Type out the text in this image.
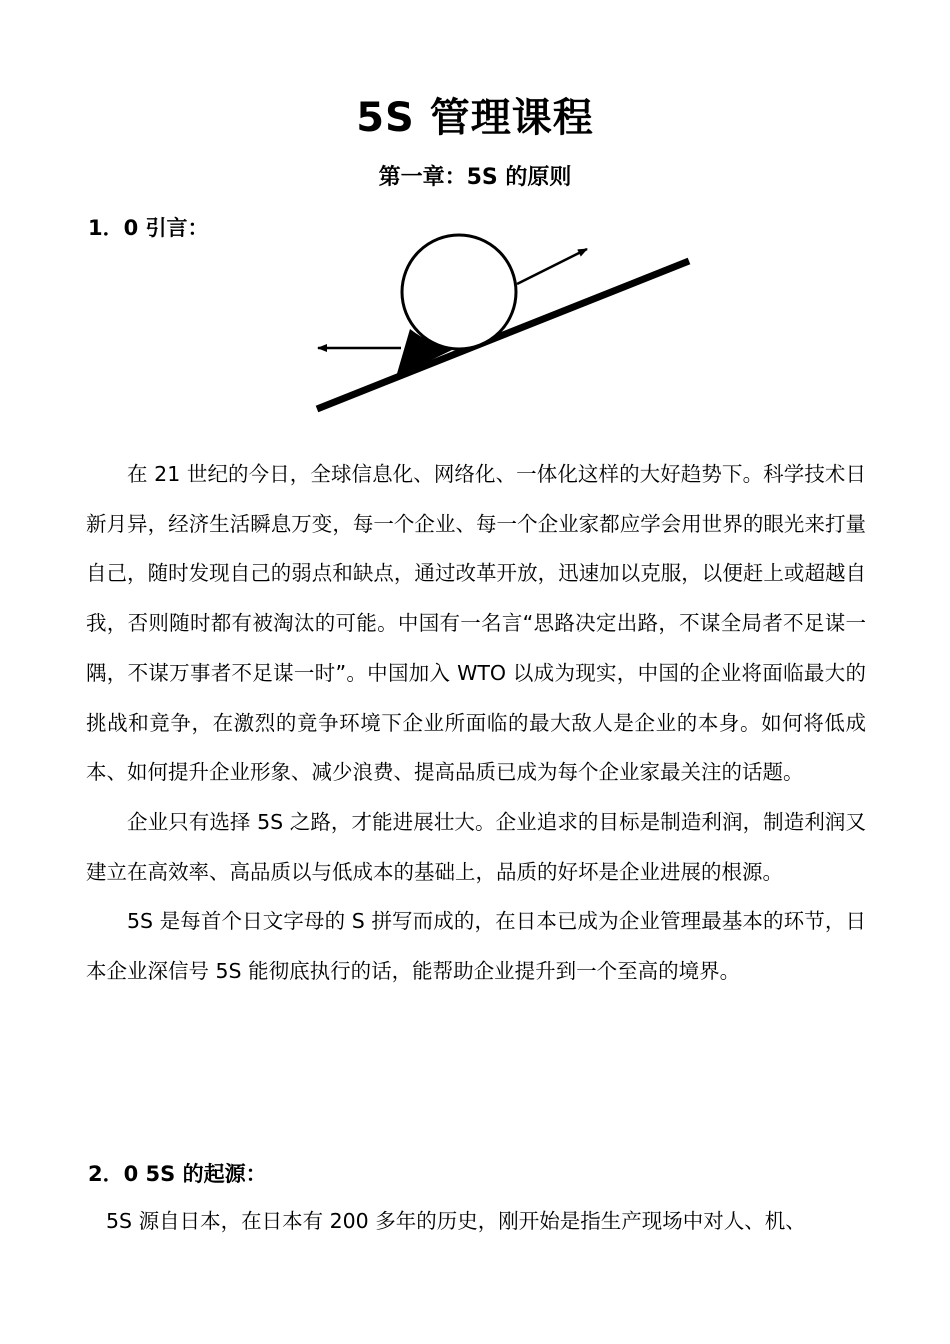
5S 管理课程
第一章：5S 的原则
1．0 引言：

在 21 世纪的今日，全球信息化、网络化、一体化这样的大好趋势下。科学技术日新月异，经济生活瞬息万变，每一个企业、每一个企业家都应学会用世界的眼光来打量自己，随时发现自己的弱点和缺点，通过改革开放，迅速加以克服，以便赶上或超越自我，否则随时都有被淘汰的可能。中国有一名言“思路决定出路，不谋全局者不足谋一隅，不谋万事者不足谋一时”。中国加入 WTO 以成为现实，中国的企业将面临最大的挑战和竟争，在激烈的竟争环境下企业所面临的最大敌人是企业的本身。如何将低成本、如何提升企业形象、减少浪费、提高品质已成为每个企业家最关注的话题。

企业只有选择 5S 之路，才能进展壮大。企业追求的目标是制造利润，制造利润又建立在高效率、高品质以与低成本的基础上，品质的好坏是企业进展的根源。

5S 是每首个日文字母的 S 拼写而成的，在日本已成为企业管理最基本的环节，日本企业深信号 5S 能彻底执行的话，能帮助企业提升到一个至高的境界。

2．0 5S 的起源：

5S 源自日本，在日本有 200 多年的历史，刚开始是指生产现场中对人、机、
